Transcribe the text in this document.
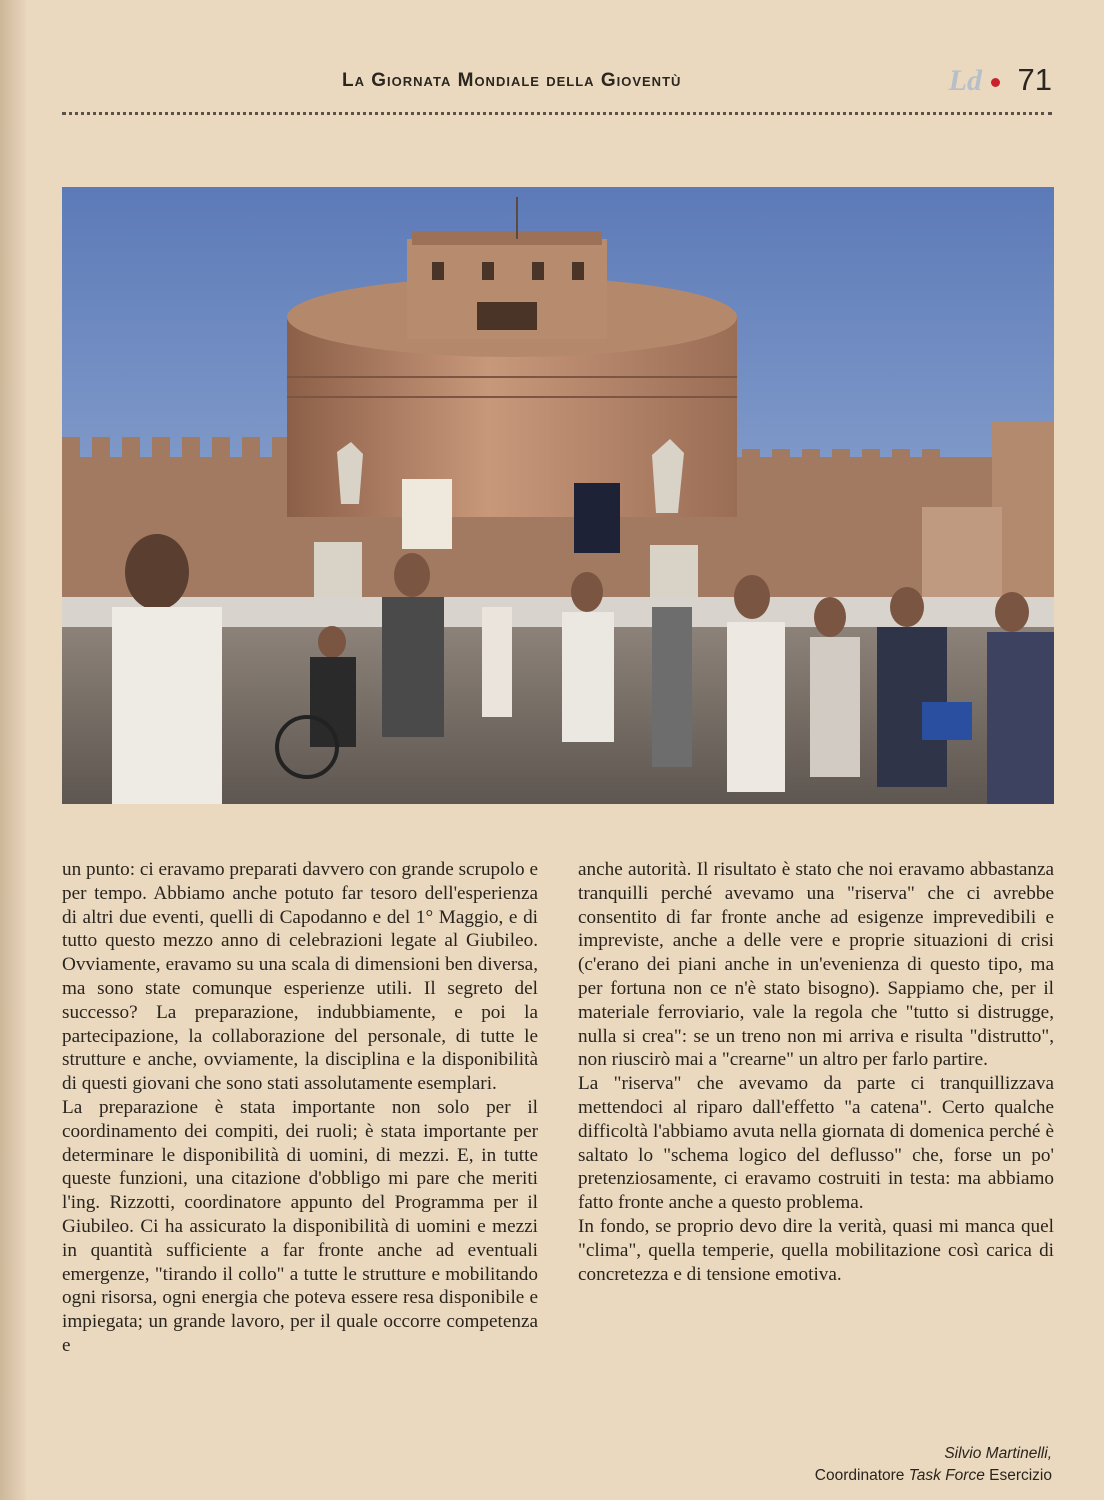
La Giornata Mondiale della Gioventù	Ld 71

un punto: ci eravamo preparati davvero con grande scrupolo e per tempo. Abbiamo anche potuto far tesoro dell'esperienza di altri due eventi, quelli di Capodanno e del 1° Maggio, e di tutto questo mezzo anno di celebrazioni legate al Giubileo. Ovviamente, eravamo su una scala di dimensioni ben diversa, ma sono state comunque esperienze utili. Il segreto del successo? La preparazione, indubbiamente, e poi la partecipazione, la collaborazione del personale, di tutte le strutture e anche, ovviamente, la disciplina e la disponibilità di questi giovani che sono stati assolutamente esemplari.

La preparazione è stata importante non solo per il coordinamento dei compiti, dei ruoli; è stata importante per determinare le disponibilità di uomini, di mezzi. E, in tutte queste funzioni, una citazione d'obbligo mi pare che meriti l'ing. Rizzotti, coordinatore appunto del Programma per il Giubileo. Ci ha assicurato la disponibilità di uomini e mezzi in quantità sufficiente a far fronte anche ad eventuali emergenze, "tirando il collo" a tutte le strutture e mobilitando ogni risorsa, ogni energia che poteva essere resa disponibile e impiegata; un grande lavoro, per il quale occorre competenza e

anche autorità. Il risultato è stato che noi eravamo abbastanza tranquilli perché avevamo una "riserva" che ci avrebbe consentito di far fronte anche ad esigenze imprevedibili e impreviste, anche a delle vere e proprie situazioni di crisi (c'erano dei piani anche in un'evenienza di questo tipo, ma per fortuna non ce n'è stato bisogno). Sappiamo che, per il materiale ferroviario, vale la regola che "tutto si distrugge, nulla si crea": se un treno non mi arriva e risulta "distrutto", non riuscirò mai a "crearne" un altro per farlo partire.

La "riserva" che avevamo da parte ci tranquillizzava mettendoci al riparo dall'effetto "a catena". Certo qualche difficoltà l'abbiamo avuta nella giornata di domenica perché è saltato lo "schema logico del deflusso" che, forse un po' pretenziosamente, ci eravamo costruiti in testa: ma abbiamo fatto fronte anche a questo problema.

In fondo, se proprio devo dire la verità, quasi mi manca quel "clima", quella temperie, quella mobilitazione così carica di concretezza e di tensione emotiva.

Silvio Martinelli,
Coordinatore Task Force Esercizio
